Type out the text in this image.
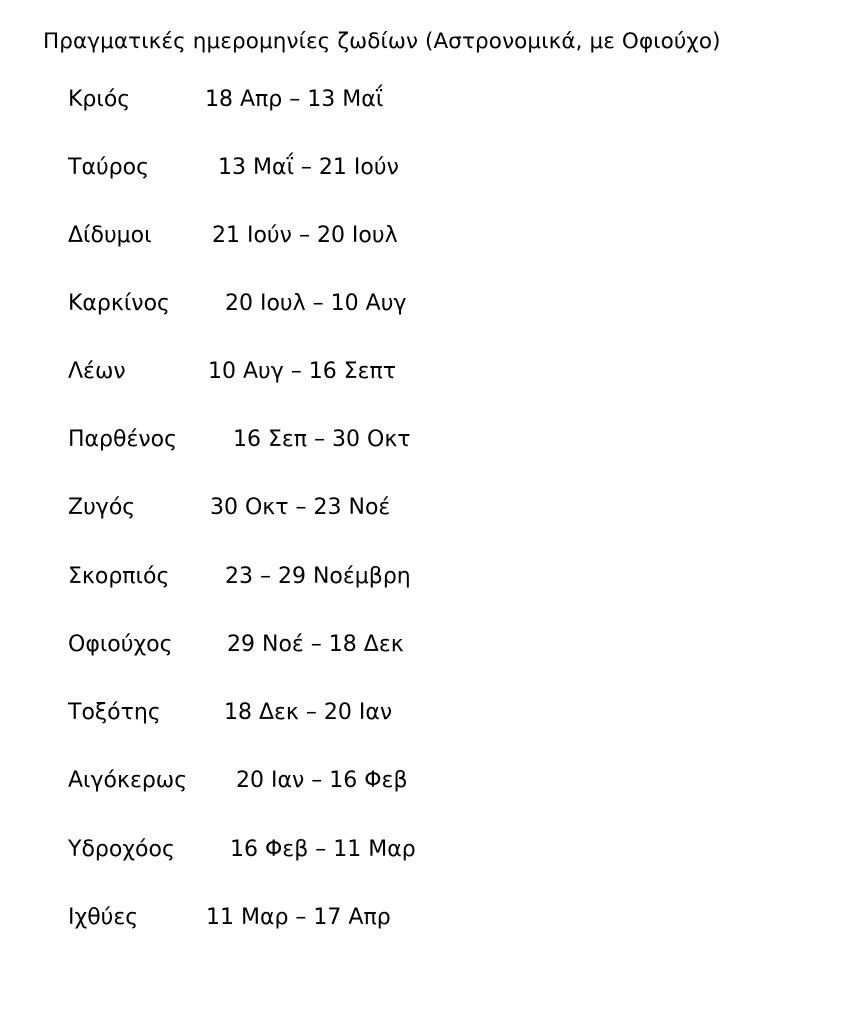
Πραγματικές ημερομηνίες ζωδίων (Αστρονομικά, με Οφιούχο)
Κριός	18 Απρ – 13 Μαΐ
Ταύρος	13 Μαΐ – 21 Ιούν
Δίδυμοι	21 Ιούν – 20 Ιουλ
Καρκίνος	20 Ιουλ – 10 Αυγ
Λέων	10 Αυγ – 16 Σεπτ
Παρθένος	16 Σεπ – 30 Οκτ
Ζυγός	30 Οκτ – 23 Νοέ
Σκορπιός	23 – 29 Νοέμβρη
Οφιούχος 29 Νοέ – 18 Δεκ
Τοξότης	18 Δεκ – 20 Ιαν
Αιγόκερως 20 Ιαν – 16 Φεβ
Υδροχόος	16 Φεβ – 11 Μαρ
Ιχθύες	11 Μαρ – 17 Απρ
